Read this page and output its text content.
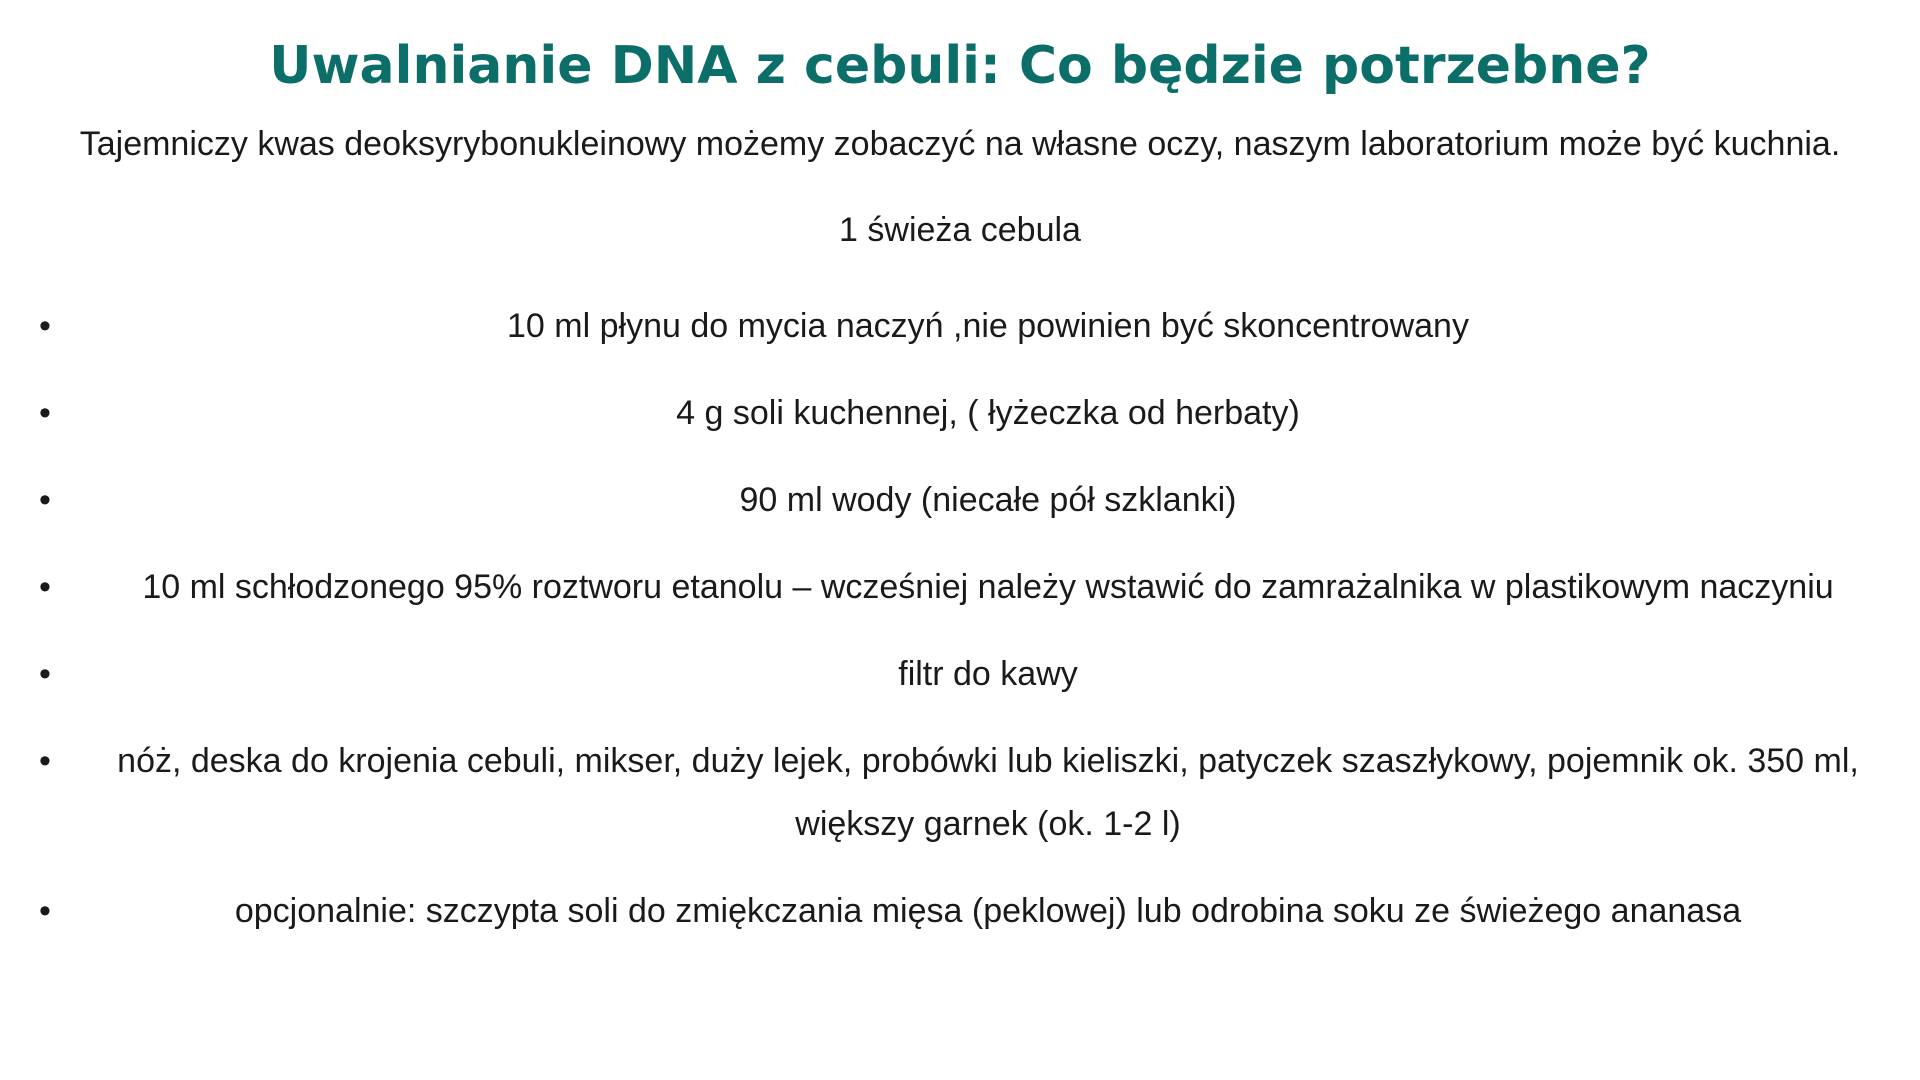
Uwalnianie DNA z cebuli: Co będzie potrzebne?
Tajemniczy kwas deoksyrybonukleinowy możemy zobaczyć na własne oczy, naszym laboratorium może być kuchnia.
1 świeża cebula
•	10 ml płynu do mycia naczyń ,nie powinien być skoncentrowany
•	4 g soli kuchennej, ( łyżeczka od herbaty)
•	90 ml wody (niecałe pół szklanki)
•	10 ml schłodzonego 95% roztworu etanolu – wcześniej należy wstawić do zamrażalnika w plastikowym naczyniu
•	filtr do kawy
• nóż, deska do krojenia cebuli, mikser, duży lejek, probówki lub kieliszki, patyczek szaszłykowy, pojemnik ok. 350 ml, większy garnek (ok. 1-2 l)
•	opcjonalnie: szczypta soli do zmiękczania mięsa (peklowej) lub odrobina soku ze świeżego ananasa
